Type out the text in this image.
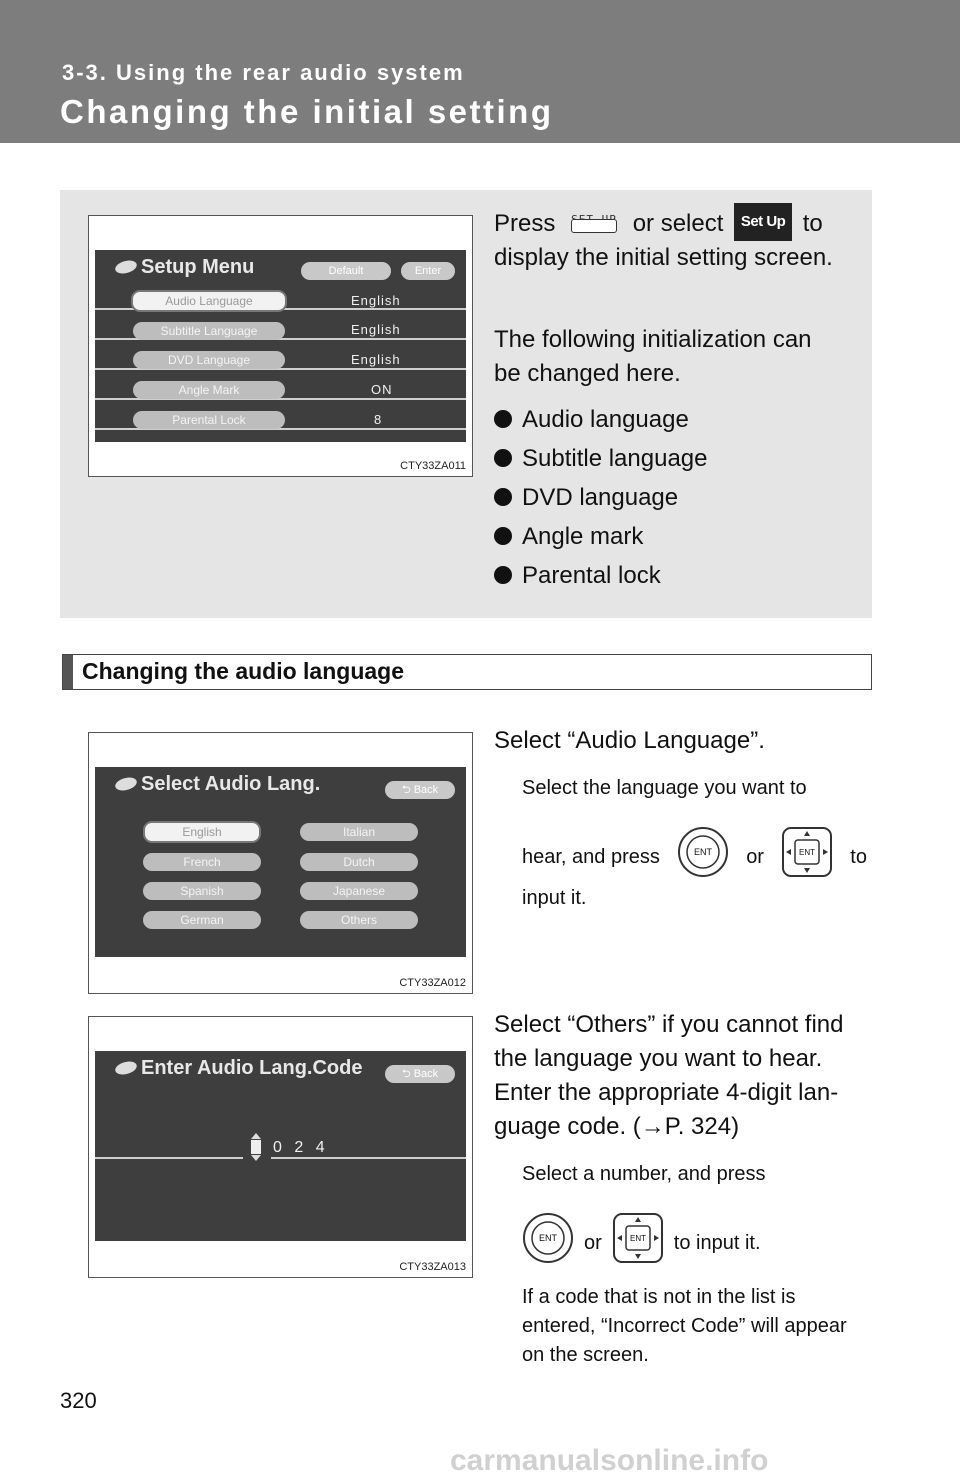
3-3. Using the rear audio system
Changing the initial setting
Setup Menu	Default	Enter
Audio Language	English
Subtitle Language	English
DVD Language	English
Angle Mark	ON
Parental Lock	8
CTY33ZA011
Press	or select Set Up to
display the initial setting screen.
The following initialization can be changed here.
Audio language
Subtitle language
DVD language
Angle mark
Parental lock
Changing the audio language
Select Audio Lang.	⮌ Back
English	Italian
French	Dutch
Spanish	Japanese
German	Others
CTY33ZA012
Select “Audio Language”.
Select the language you want to
hear, and press	ENT or	ENT to
input it.
Enter Audio Lang.Code	⮌ Back
0 2 4
CTY33ZA013
Select “Others” if you cannot find the language you want to hear. Enter the appropriate 4-digit lan- guage code. (→P. 324)
Select a number, and press
ENT or	ENT to input it.
If a code that is not in the list is entered, “Incorrect Code” will appear on the screen.
320
carmanualsonline.info
